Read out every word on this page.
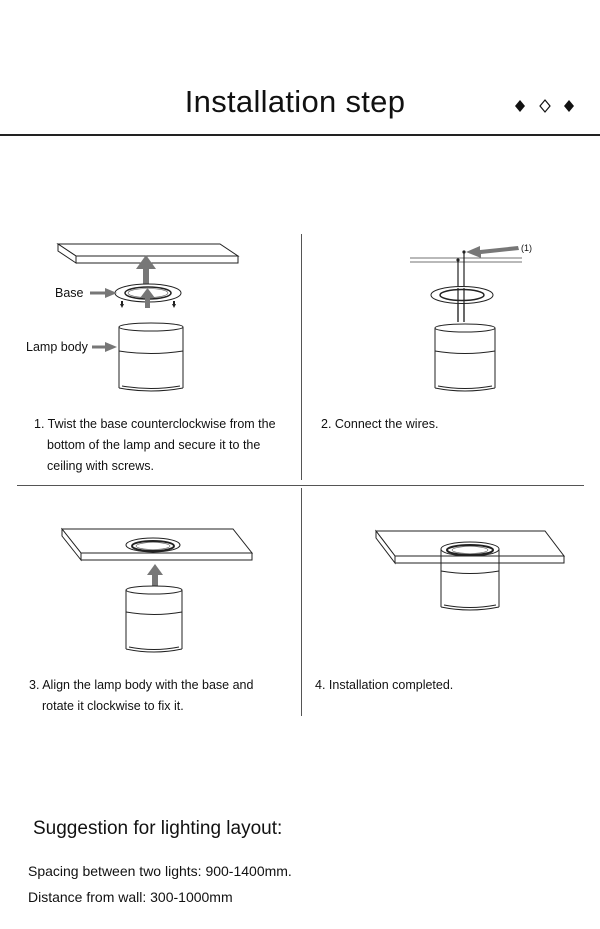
Installation step
Base
Lamp body
(1)
1. Twist the base counterclockwise from the
bottom of the lamp and secure it to the
ceiling with screws.
2. Connect the wires.
3. Align the lamp body with the base and
rotate it clockwise to fix it.
4. Installation completed.
Suggestion for lighting layout:
Spacing between two lights: 900-1400mm.
Distance from wall: 300-1000mm
